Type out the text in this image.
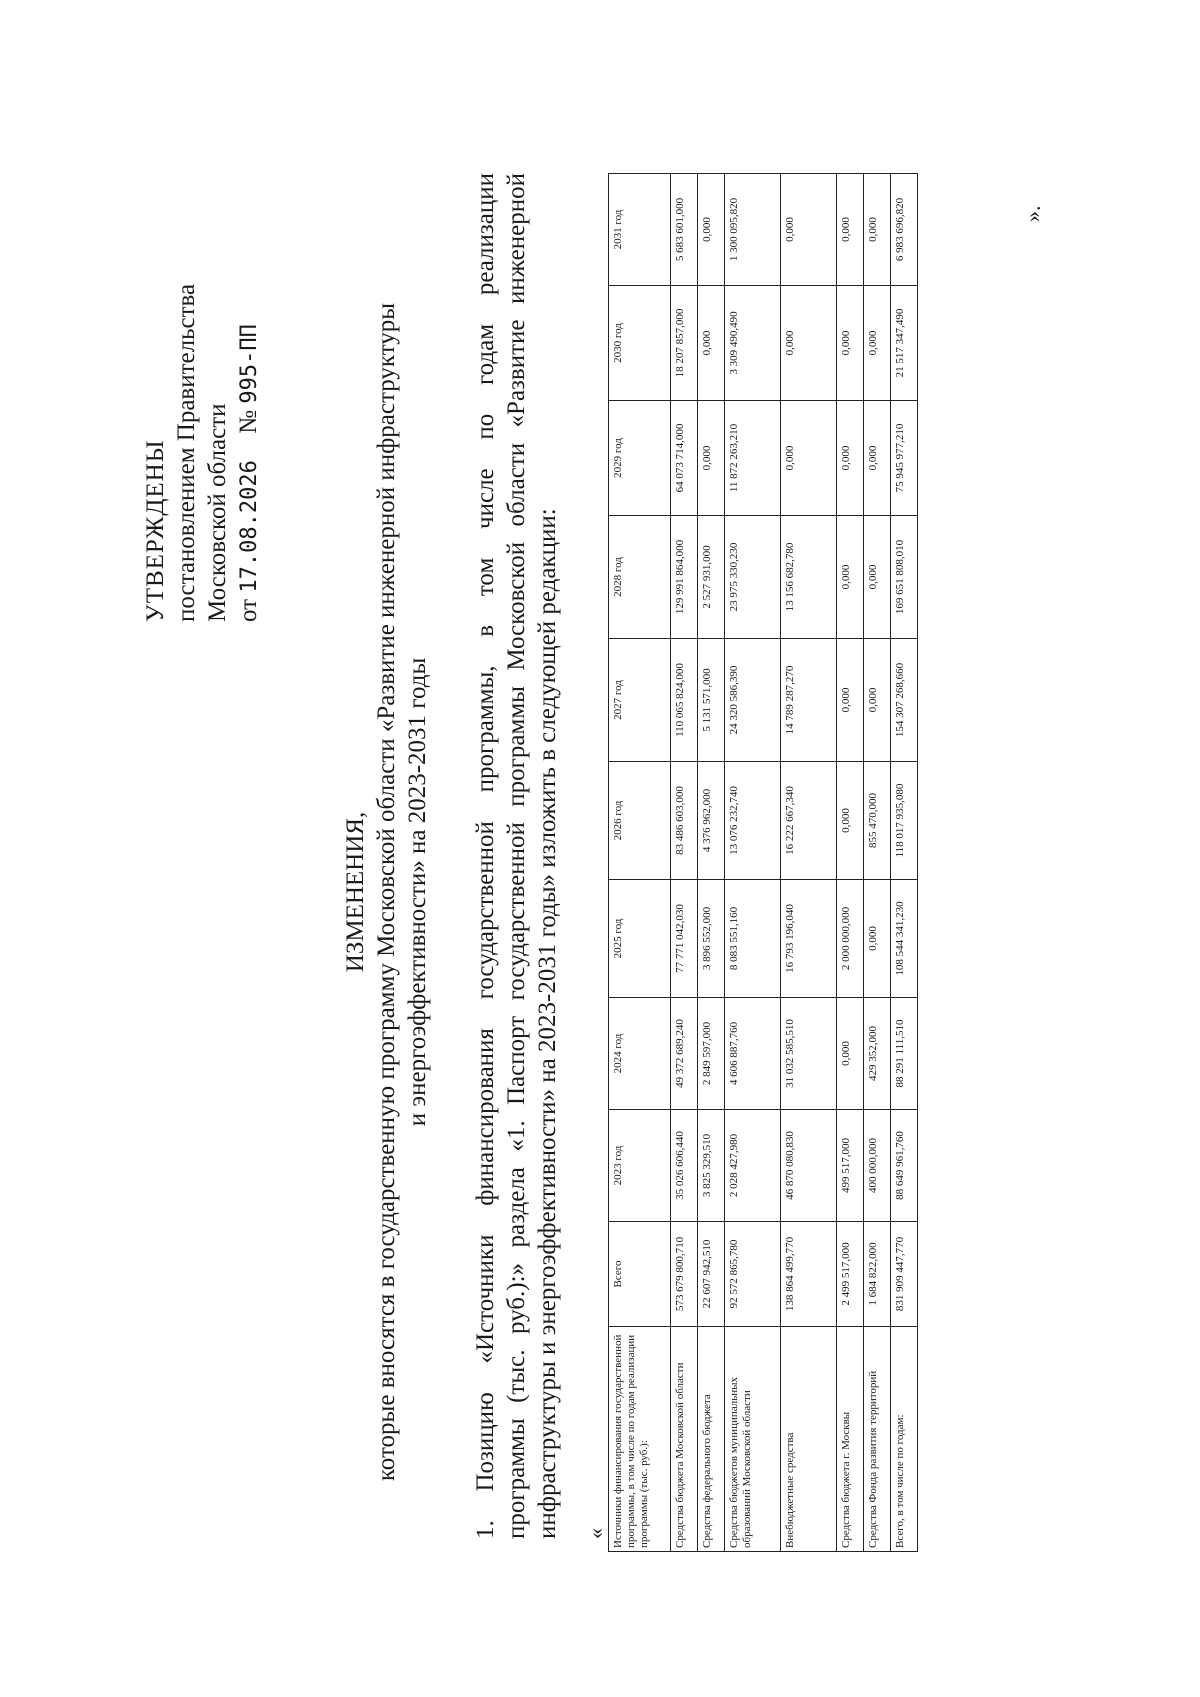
УТВЕРЖДЕНЫ постановлением Правительства Московской области от 17.08.2026  № 995-ПП
ИЗМЕНЕНИЯ, которые вносятся в государственную программу Московской области «Развитие инженерной инфраструктуры и энергоэффективности» на 2023-2031 годы 1. Позицию «Источники финансирования государственной программы, в том числе по годам реализации программы (тыс. руб.):» раздела «1. Паспорт государственной программы Московской области «Развитие инженерной инфраструктуры и энергоэффективности» на 2023-2031 годы» изложить в следующей редакции: « Источники финансирования государственной программы, в том числе по годам реализации программы (тыс. руб.):	Всего	2023 год	2024 год	2025 год	2026 год	2027 год	2028 год	2029 год	2030 год	2031 год
Средства бюджета Московской области	573 679 800,710	35 026 606,440	49 372 689,240	77 771 042,030	83 486 603,000	110 065 824,000	129 991 864,000	64 073 714,000	18 207 857,000	5 683 601,000
Средства федерального бюджета	22 607 942,510	3 825 329,510	2 849 597,000	3 896 552,000	4 376 962,000	5 131 571,000	2 527 931,000	0,000	0,000	0,000
Средства бюджетов муниципальных образований Московской области	92 572 865,780	2 028 427,980	4 606 887,760	8 083 551,160	13 076 232,740	24 320 586,390	23 975 330,230	11 872 263,210	3 309 490,490	1 300 095,820
Внебюджетные средства	138 864 499,770	46 870 080,830	31 032 585,510	16 793 196,040	16 222 667,340	14 789 287,270	13 156 682,780	0,000	0,000	0,000
Средства бюджета г. Москвы	2 499 517,000	499 517,000	0,000	2 000 000,000	0,000	0,000	0,000	0,000	0,000	0,000
Средства Фонда развития территорий	1 684 822,000	400 000,000	429 352,000	0,000	855 470,000	0,000	0,000	0,000	0,000	0,000
Всего, в том числе по годам:	831 909 447,770	88 649 961,760	88 291 111,510	108 544 341,230	118 017 935,080	154 307 268,660	169 651 808,010	75 945 977,210	21 517 347,490	6 983 696,820	».
